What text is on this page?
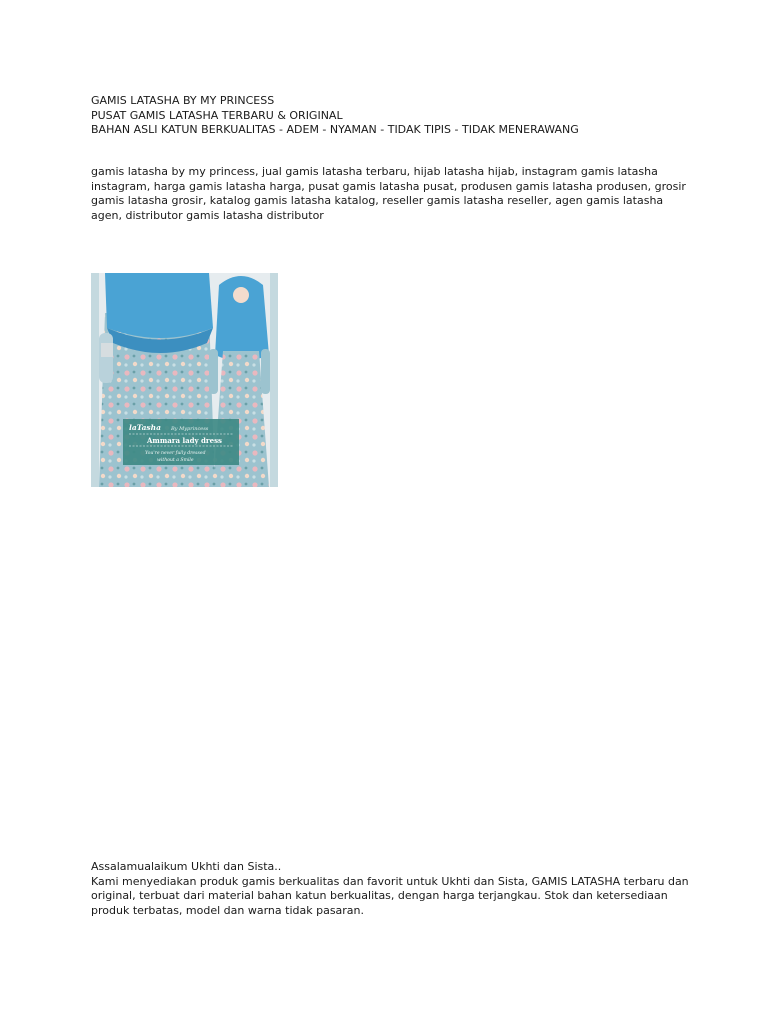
GAMIS LATASHA BY MY PRINCESS
PUSAT GAMIS LATASHA TERBARU & ORIGINAL
BAHAN ASLI KATUN BERKUALITAS - ADEM - NYAMAN - TIDAK TIPIS - TIDAK MENERAWANG
gamis latasha by my princess, jual gamis latasha terbaru, hijab latasha hijab, instagram gamis latasha instagram, harga gamis latasha harga, pusat gamis latasha pusat, produsen gamis latasha produsen, grosir gamis latasha grosir, katalog gamis latasha katalog, reseller gamis latasha reseller, agen gamis latasha agen, distributor gamis latasha distributor
laTasha By Myprincess
Ammara lady dress
You're never fully dressed
without a Smile
Assalamualaikum Ukhti dan Sista..
Kami menyediakan produk gamis berkualitas dan favorit untuk Ukhti dan Sista, GAMIS LATASHA terbaru dan original, terbuat dari material bahan katun berkualitas, dengan harga terjangkau. Stok dan ketersediaan produk terbatas, model dan warna tidak pasaran.
